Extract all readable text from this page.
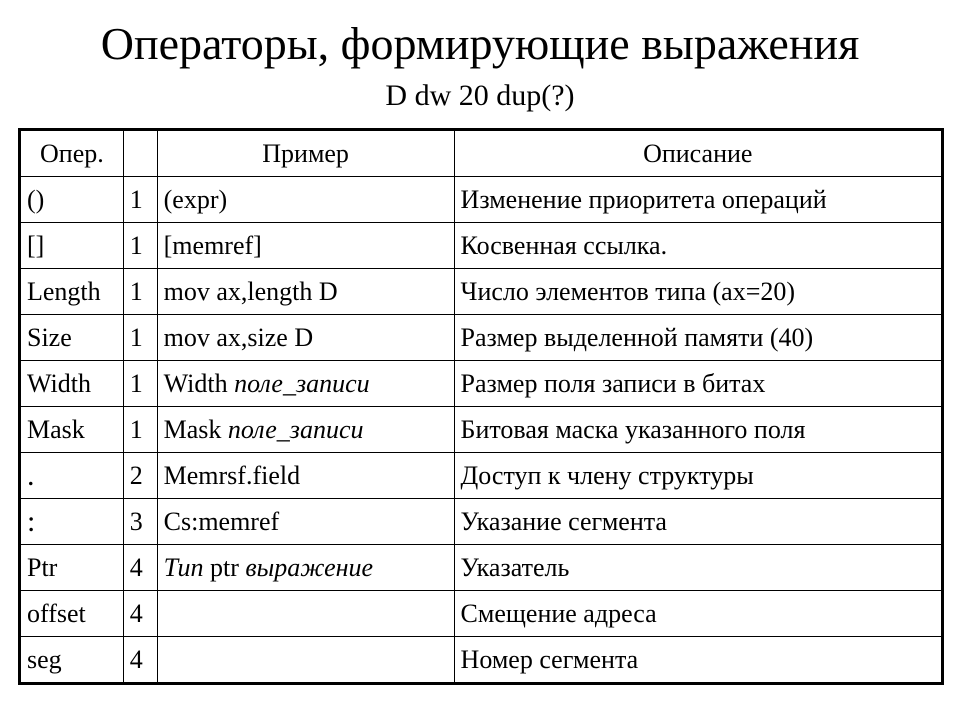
Операторы, формирующие выражения
D dw 20 dup(?)
Опер.		Пример	Описание
()	1	(expr)	Изменение приоритета операций
[]	1	[memref]	Косвенная ссылка.
Length	1	mov ax,length D	Число элементов типа (ax=20)
Size	1	mov ax,size D	Размер выделенной памяти (40)
Width	1	Width поле_записи	Размер поля записи в битах
Mask	1	Mask поле_записи	Битовая маска указанного поля
.	2	Memrsf.field	Доступ к члену структуры
:	3	Cs:memref	Указание сегмента
Ptr	4	Тип ptr выражение	Указатель
offset	4		Смещение адреса
seg	4		Номер сегмента
